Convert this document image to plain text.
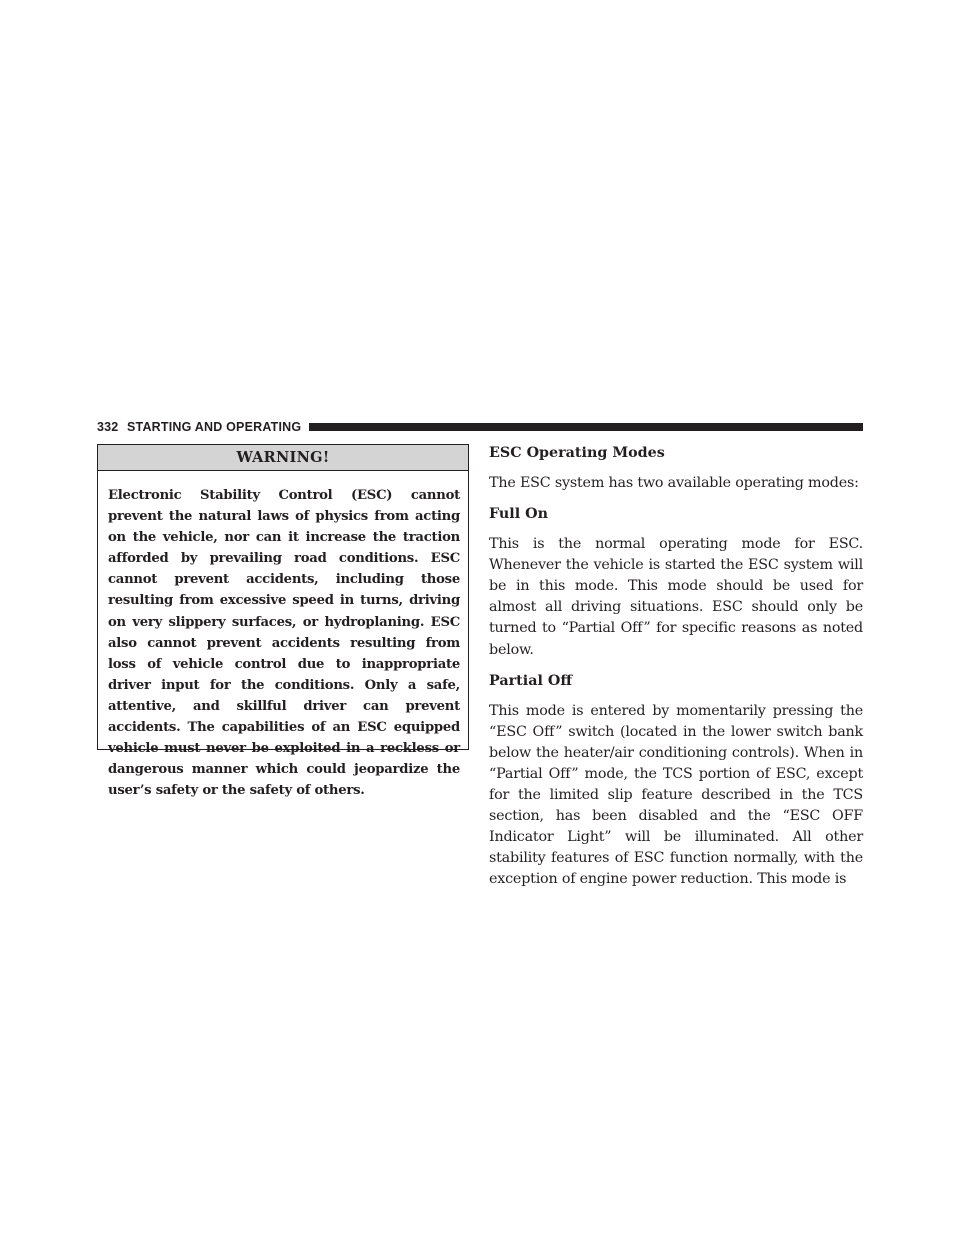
332 STARTING AND OPERATING
WARNING!

Electronic Stability Control (ESC) cannot prevent the natural laws of physics from acting on the vehicle, nor can it increase the traction afforded by prevailing road conditions. ESC cannot prevent accidents, including those resulting from excessive speed in turns, driving on very slippery surfaces, or hydroplaning. ESC also cannot prevent accidents resulting from loss of vehicle control due to inappropriate driver input for the conditions. Only a safe, attentive, and skillful driver can prevent accidents. The capabilities of an ESC equipped vehicle must never be exploited in a reckless or dangerous manner which could jeopardize the user’s safety or the safety of others.

ESC Operating Modes

The ESC system has two available operating modes:

Full On

This is the normal operating mode for ESC. Whenever the vehicle is started the ESC system will be in this mode. This mode should be used for almost all driving situations. ESC should only be turned to “Partial Off” for specific reasons as noted below.

Partial Off

This mode is entered by momentarily pressing the “ESC Off” switch (located in the lower switch bank below the heater/air conditioning controls). When in “Partial Off” mode, the TCS portion of ESC, except for the limited slip feature described in the TCS section, has been disabled and the “ESC OFF Indicator Light” will be illuminated. All other stability features of ESC function normally, with the exception of engine power reduction. This mode is
